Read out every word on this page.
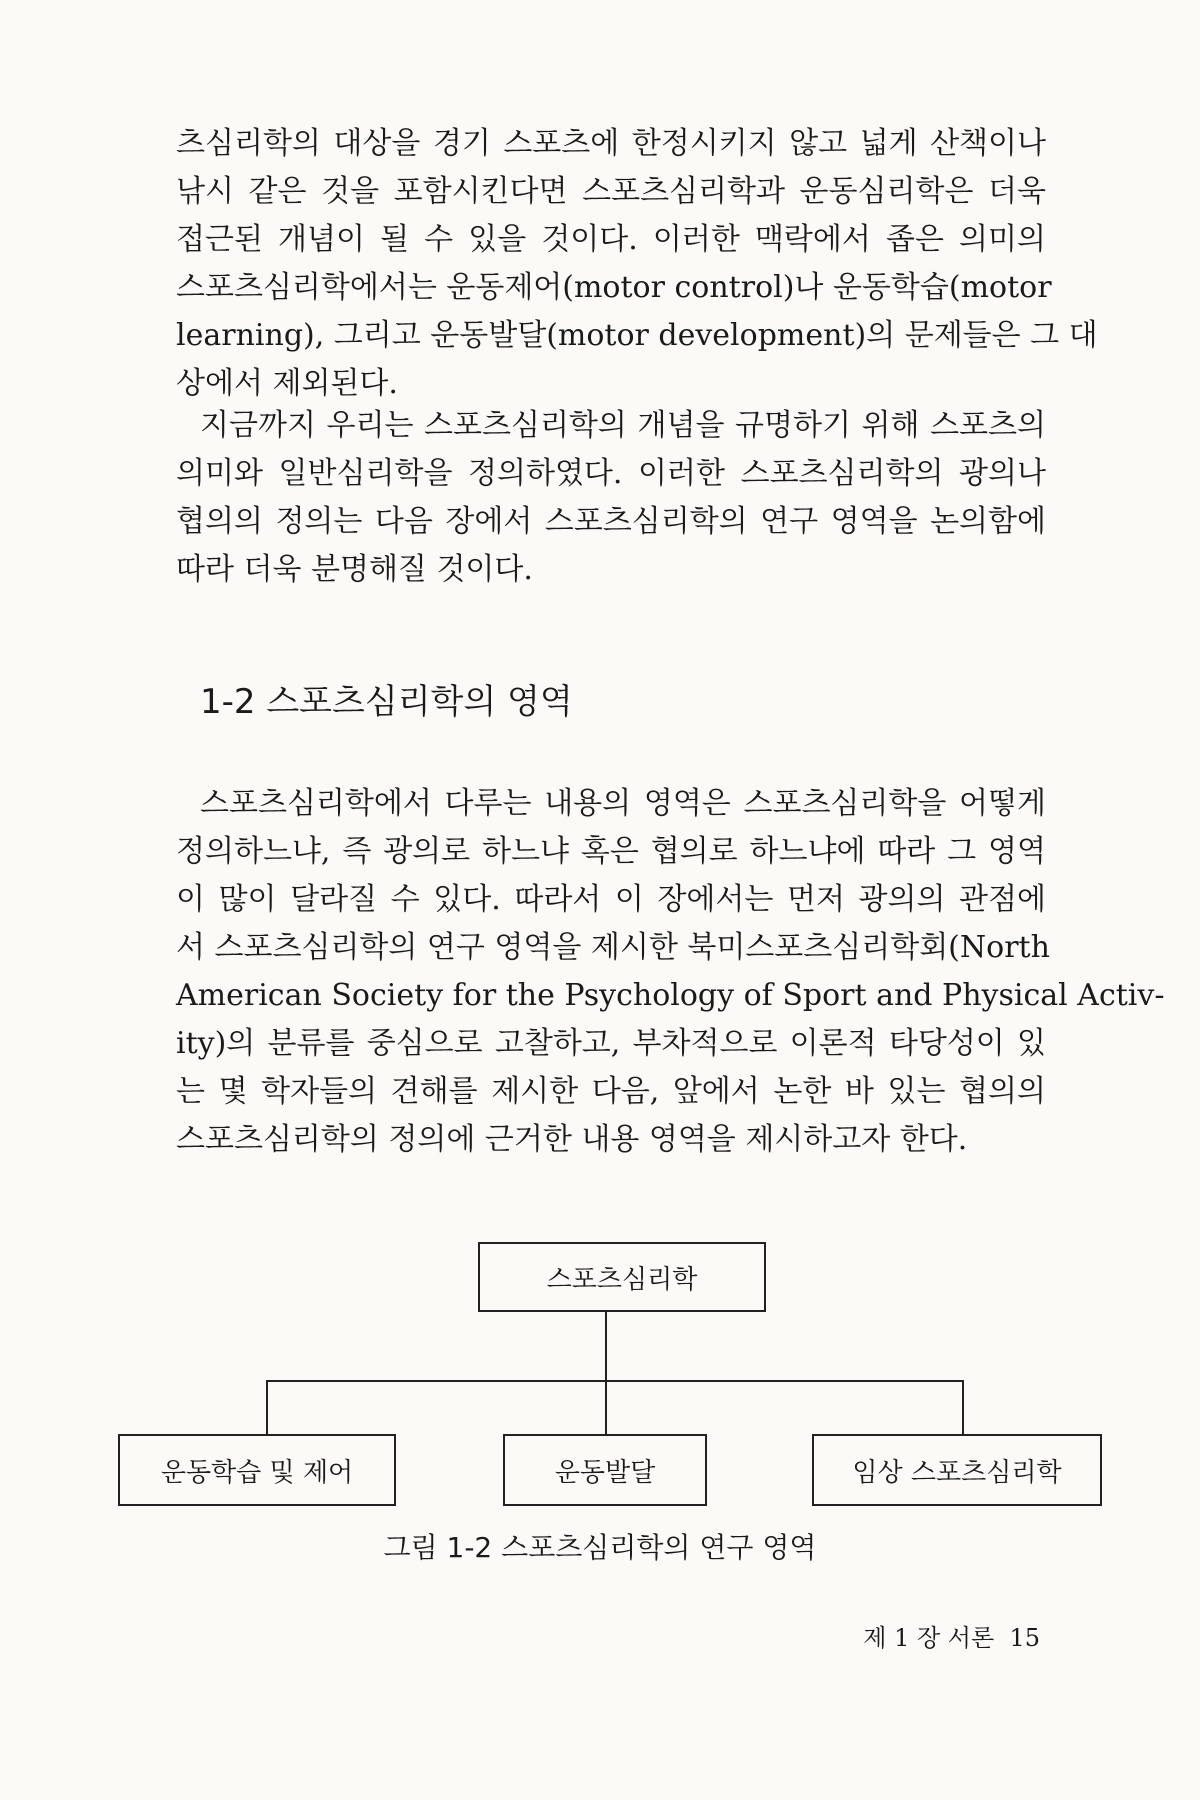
츠심리학의 대상을 경기 스포츠에 한정시키지 않고 넓게 산책이나
낚시 같은 것을 포함시킨다면 스포츠심리학과 운동심리학은 더욱
접근된 개념이 될 수 있을 것이다. 이러한 맥락에서 좁은 의미의
스포츠심리학에서는 운동제어(motor control)나 운동학습(motor
learning), 그리고 운동발달(motor development)의 문제들은 그 대
상에서 제외된다.
지금까지 우리는 스포츠심리학의 개념을 규명하기 위해 스포츠의
의미와 일반심리학을 정의하였다. 이러한 스포츠심리학의 광의나
협의의 정의는 다음 장에서 스포츠심리학의 연구 영역을 논의함에
따라 더욱 분명해질 것이다.
1-2 스포츠심리학의 영역
스포츠심리학에서 다루는 내용의 영역은 스포츠심리학을 어떻게
정의하느냐, 즉 광의로 하느냐 혹은 협의로 하느냐에 따라 그 영역
이 많이 달라질 수 있다. 따라서 이 장에서는 먼저 광의의 관점에
서 스포츠심리학의 연구 영역을 제시한 북미스포츠심리학회(North
American Society for the Psychology of Sport and Physical Activ-
ity)의 분류를 중심으로 고찰하고, 부차적으로 이론적 타당성이 있
는 몇 학자들의 견해를 제시한 다음, 앞에서 논한 바 있는 협의의
스포츠심리학의 정의에 근거한 내용 영역을 제시하고자 한다.
스포츠심리학
운동학습 및 제어	운동발달	임상 스포츠심리학

그림 1-2 스포츠심리학의 연구 영역

제 1 장 서론 15
